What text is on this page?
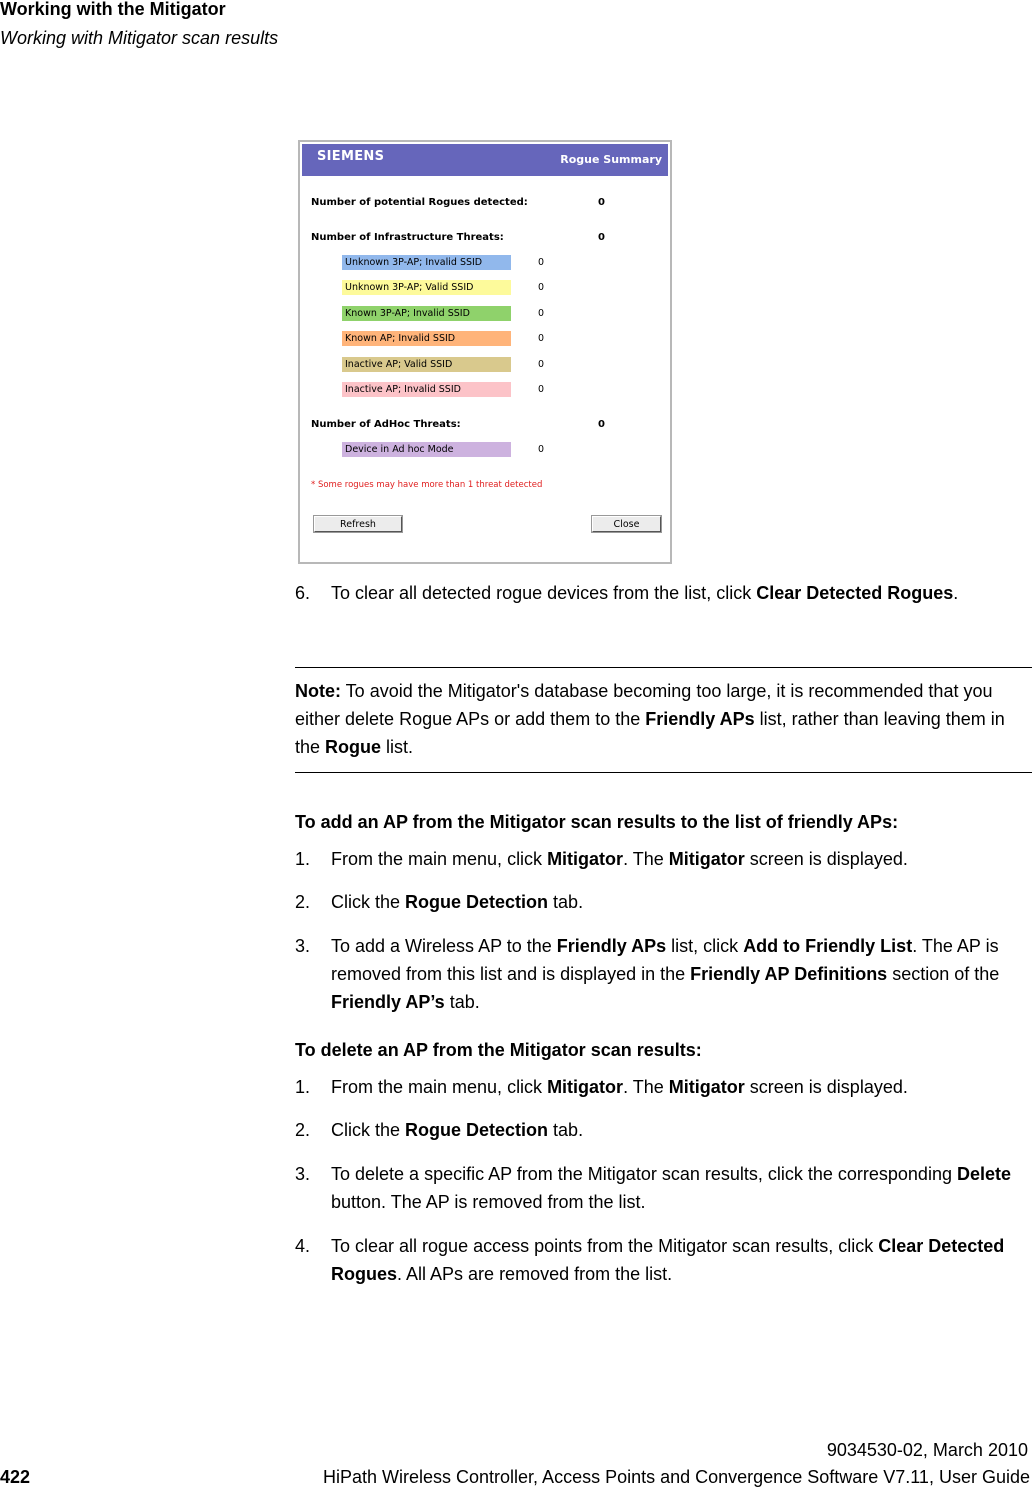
Working with the Mitigator
Working with Mitigator scan results
SIEMENS	Rogue Summary
Number of potential Rogues detected:	0
Number of Infrastructure Threats:	0
Unknown 3P-AP; Invalid SSID	0
Unknown 3P-AP; Valid SSID	0
Known 3P-AP; Invalid SSID	0
Known AP; Invalid SSID	0
Inactive AP; Valid SSID	0
Inactive AP; Invalid SSID	0
Number of AdHoc Threats:	0
Device in Ad hoc Mode	0
* Some rogues may have more than 1 threat detected
Refresh	Close
6. To clear all detected rogue devices from the list, click Clear Detected Rogues.
Note: To avoid the Mitigator's database becoming too large, it is recommended that you either delete Rogue APs or add them to the Friendly APs list, rather than leaving them in the Rogue list.
To add an AP from the Mitigator scan results to the list of friendly APs:
1. From the main menu, click Mitigator. The Mitigator screen is displayed.
2. Click the Rogue Detection tab.
3. To add a Wireless AP to the Friendly APs list, click Add to Friendly List. The AP is removed from this list and is displayed in the Friendly AP Definitions section of the Friendly AP’s tab.
To delete an AP from the Mitigator scan results:
1. From the main menu, click Mitigator. The Mitigator screen is displayed.
2. Click the Rogue Detection tab.
3. To delete a specific AP from the Mitigator scan results, click the corresponding Delete button. The AP is removed from the list.
4. To clear all rogue access points from the Mitigator scan results, click Clear Detected Rogues. All APs are removed from the list.
9034530-02, March 2010
422	HiPath Wireless Controller, Access Points and Convergence Software V7.11, User Guide
